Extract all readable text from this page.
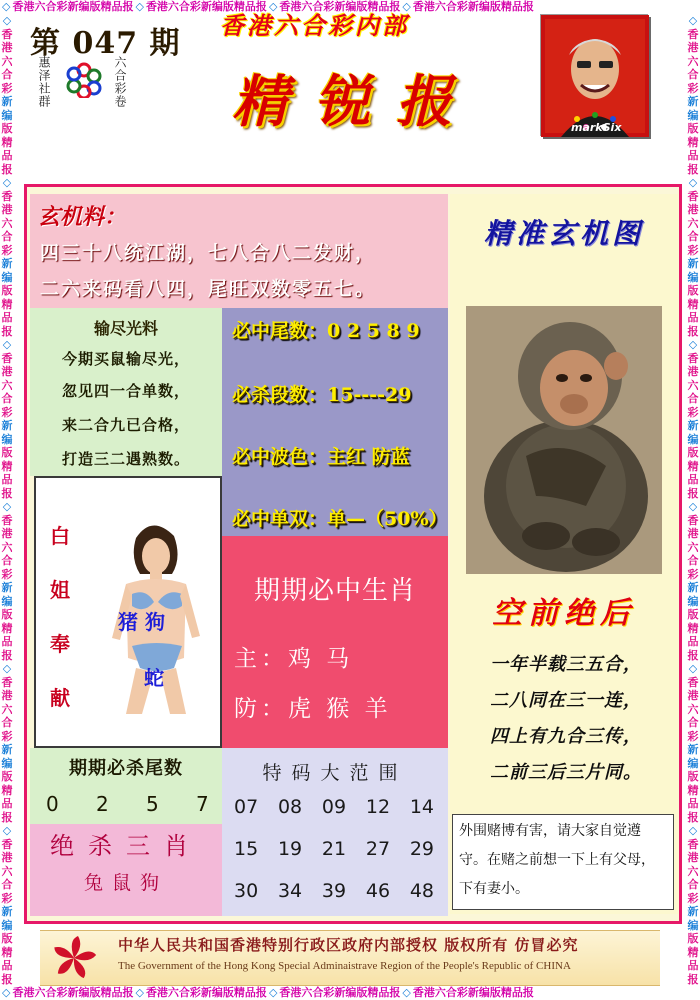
◇ 香港六合彩新编版精品报 ◇ 香港六合彩新编版精品报 ◇ 香港六合彩新编版精品报 ◇ 香港六合彩新编版精品报
◇ 香港六合彩新编版精品报 ◇ 香港六合彩新编版精品报 ◇ 香港六合彩新编版精品报 ◇ 香港六合彩新编版精品报
◇
香
港
六
合
彩
新
编
版
精
品
报
◇
香
港
六
合
彩
新
编
版
精
品
报
◇
香
港
六
合
彩
新
编
版
精
品
报
◇
香
港
六
合
彩
新
编
版
精
品
报
◇
香
港
六
合
彩
新
编
版
精
品
报
◇
香
港
六
合
彩
新
编
版
精
品
报
◇
香
港
六
合
彩
新
编
版
精
品
报
◇
香
港
六
合
彩
新
编
版
精
品
报
◇
香
港
六
合
彩
新
编
版
精
品
报
◇
香
港
六
合
彩
新
编
版
精
品
报
◇
香
港
六
合
彩
新
编
版
精
品
报
◇
香
港
六
合
彩
新
编
版
精
品
报
第 047 期
惠泽社群	六合彩卷
香港六合彩内部
精锐报	markSix
玄机料：
四三十八统江湖，七八合八二发财，
二六来码看八四，尾旺双数零五七。
输尽光料
今期买鼠输尽光，
忽见四一合单数，
来二合九已合格，
打造三二遇熟数。
必中尾数：0 2 5 8 9
必杀段数：15----29
必中波色：主红 防蓝
必中单双：单—（50%）
白
姐
奉
献
猪 狗
蛇
期期必中生肖
主：鸡 马
防：虎 猴 羊
期期必杀尾数
0 2 5 7
绝杀三肖
兔鼠狗
特码大范围
07 08 09 12 14
15 19 21 27 29
30 34 39 46 48
精准玄机图
空前绝后
一年半载三五合，
二八同在三一连，
四上有九合三传，
二前三后三片同。
外围赌博有害，请大家自觉遵守。在赌之前想一下上有父母，下有妻小。
中华人民共和国香港特别行政区政府内部授权 版权所有 仿冒必究
The Government of the Hong Kong Special Adminaistrave Region of the People's Republic of CHINA
